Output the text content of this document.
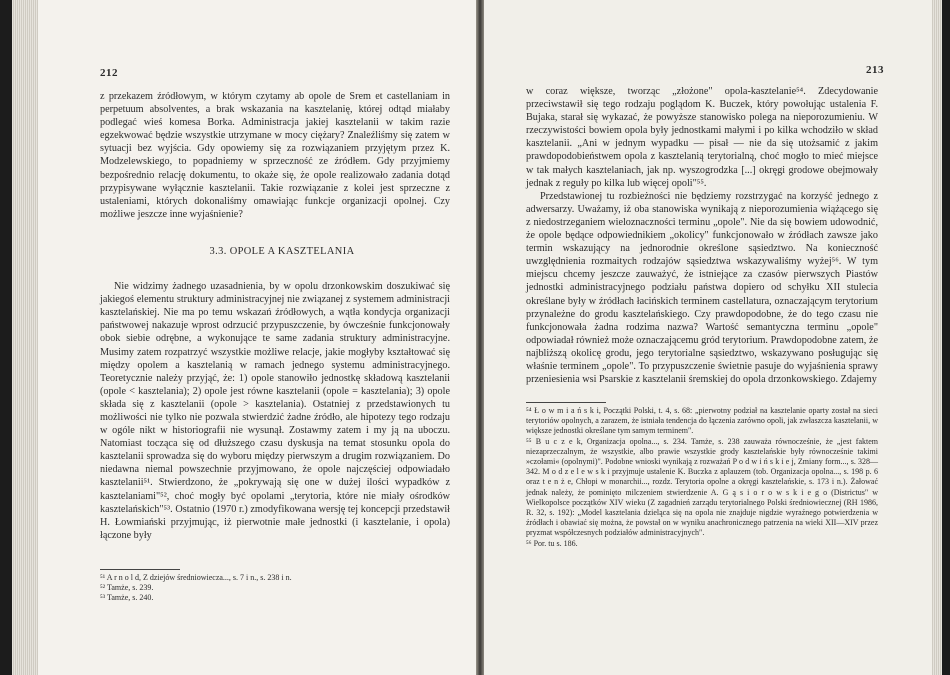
212

z przekazem źródłowym, w którym czytamy ab opole de Srem et castellaniam in perpetuum absolventes, a brak wskazania na kasztelanię, której odtąd miałaby podlegać wieś komesa Borka. Administracja jakiej kasztelanii w takim razie egzekwować będzie wszystkie utrzymane w mocy ciężary? Znaleźliśmy się zatem w sytuacji bez wyjścia. Gdy opowiemy się za rozwiązaniem przyjętym przez K. Modzelewskiego, to popadniemy w sprzeczność ze źródłem. Gdy przyjmiemy bezpośrednio relację dokumentu, to okaże się, że opole realizowało zadania dotąd przypisywane wyłącznie kasztelanii. Takie rozwiązanie z kolei jest sprzeczne z ustaleniami, których dokonaliśmy omawiając funkcje organizacji opolnej. Czy możliwe jeszcze inne wyjaśnienie?

3.3. OPOLE A KASZTELANIA

Nie widzimy żadnego uzasadnienia, by w opolu drzonkowskim doszukiwać się jakiegoś elementu struktury administracyjnej nie związanej z systemem administracji kasztelańskiej. Nie ma po temu wskazań źródłowych, a wątła kondycja organizacji państwowej nakazuje wprost odrzucić przypuszczenie, by ówcześnie funkcjonowały obok siebie odrębne, a wykonujące te same zadania struktury administracyjne. Musimy zatem rozpatrzyć wszystkie możliwe relacje, jakie mogłyby kształtować się między opolem a kasztelanią w ramach jednego systemu administracyjnego. Teoretycznie należy przyjąć, że: 1) opole stanowiło jednostkę składową kasztelanii (opole < kasztelania); 2) opole jest równe kasztelanii (opole = kasztelania); 3) opole składa się z kasztelanii (opole > kasztelania). Ostatniej z przedstawionych tu możliwości nie tylko nie pozwala stwierdzić żadne źródło, ale hipotezy tego rodzaju w ogóle nikt w historiografii nie wysunął. Zostawmy zatem i my ją na uboczu. Natomiast tocząca się od dłuższego czasu dyskusja na temat stosunku opola do kasztelanii sprowadza się do wyboru między pierwszym a drugim rozwiązaniem. Do niedawna niemal powszechnie przyjmowano, że opole najczęściej odpowiadało kasztelanii⁵¹. Stwierdzono, że „pokrywają się one w dużej ilości wypadków z kasztelaniami"⁵², choć mogły być opolami „terytoria, które nie miały ośrodków kasztelańskich"⁵³. Ostatnio (1970 r.) zmodyfikowana wersję tej koncepcji przedstawił H. Łowmiański przyjmując, iż pierwotnie małe jednostki (i kasztelanie, i opola) łączone były

⁵¹ A r n o l d, Z dziejów średniowiecza..., s. 7 i n., s. 238 i n.

⁵² Tamże, s. 239.

⁵³ Tamże, s. 240.

213

w coraz większe, tworząc „złożone" opola-kasztelanie⁵⁴. Zdecydowanie przeciwstawił się tego rodzaju poglądom K. Buczek, który powołując ustalenia F. Bujaka, starał się wykazać, że powyższe stanowisko polega na nieporozumieniu. W rzeczywistości bowiem opola były jednostkami małymi i po kilka wchodziło w skład kasztelanii. „Ani w jednym wypadku — pisał — nie da się utożsamić z jakim prawdopodobieństwem opola z kasztelanią terytorialną, choć mogło to mieć miejsce w tak małych kasztelaniach, jak np. wyszogrodzka [...] okręgi grodowe obejmowały jednak z reguły po kilka lub więcej opoli"⁵⁵.

Przedstawionej tu rozbieżności nie będziemy rozstrzygać na korzyść jednego z adwersarzy. Uważamy, iż oba stanowiska wynikają z nieporozumienia wiążącego się z niedostrzeganiem wieloznaczności terminu „opole". Nie da się bowiem udowodnić, że opole będące odpowiednikiem „okolicy" funkcjonowało w źródłach zawsze jako termin wskazujący na jednorodnie określone sąsiedztwo. Na konieczność uwzględnienia rozmaitych rodzajów sąsiedztwa wskazywaliśmy wyżej⁵⁶. W tym miejscu chcemy jeszcze zauważyć, że istniejące za czasów pierwszych Piastów jednostki administracyjnego podziału państwa dopiero od schyłku XII stulecia określane były w źródłach łacińskich terminem castellatura, oznaczającym terytorium przynależne do grodu kasztelańskiego. Czy prawdopodobne, że do tego czasu nie funkcjonowała żadna rodzima nazwa? Wartość semantyczna terminu „opole" odpowiadał również może oznaczającemu gród terytorium. Prawdopodobne zatem, że najbliższą okolicę grodu, jego terytorialne sąsiedztwo, wskazywano posługując się właśnie terminem „opole". To przypuszczenie świetnie pasuje do wyjaśnienia sprawy przeniesienia wsi Psarskie z kasztelanii śremskiej do opola drzonkowskiego. Zdajemy

⁵⁴ Ł o w m i a ń s k i, Początki Polski, t. 4, s. 68: „pierwotny podział na kasztelanie oparty został na sieci terytoriów opolnych, a zarazem, że istniała tendencja do łączenia zarówno opoli, jak zwłaszcza kasztelanii, w większe jednostki określane tym samym terminem".

⁵⁵ B u c z e k, Organizacja opolna..., s. 234. Tamże, s. 238 zauważa równocześnie, że „jest faktem niezaprzeczalnym, że wszystkie, albo prawie wszystkie grody kasztelańskie były równocześnie takimi »czołami« (opolnymi)". Podobne wnioski wynikają z rozważań P o d w i ń s k i e j, Zmiany form..., s. 328—342. M o d z e l e w s k i przyjmuje ustalenie K. Buczka z aplauzem (tob. Organizacja opolna..., s. 198 p. 6 oraz t e n ż e, Chłopi w monarchii..., rozdz. Terytoria opolne a okręgi kasztelańskie, s. 173 i n.). Żałować jednak należy, że pominięto milczeniem stwierdzenie A. G ą s i o r o w s k i e g o (Districtus" w Wielkopolsce początków XIV wieku (Z zagadnień zarządu terytorialnego Polski średniowiecznej (RH 1986, R. 32, s. 192): „Model kasztelania dzieląca się na opola nie znajduje nigdzie wyraźnego potwierdzenia w źródłach i obawiać się można, że powstał on w wyniku anachronicznego patrzenia na wieki XII—XIV przez pryzmat współczesnych podziałów administracyjnych".

⁵⁶ Por. tu s. 186.
